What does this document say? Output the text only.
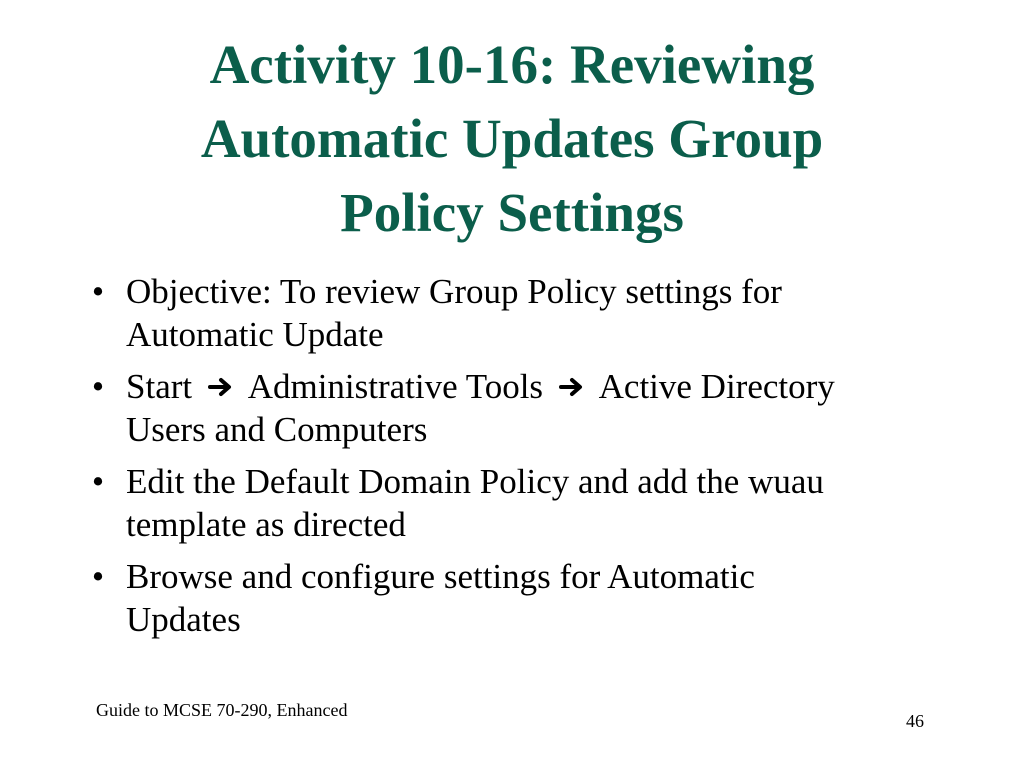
Activity 10-16: Reviewing
Automatic Updates Group
Policy Settings
• Objective: To review Group Policy settings for
Automatic Update
• Start Administrative Tools Active Directory
Users and Computers
• Edit the Default Domain Policy and add the wuau
template as directed
• Browse and configure settings for Automatic
Updates
Guide to MCSE 70-290, Enhanced
46
